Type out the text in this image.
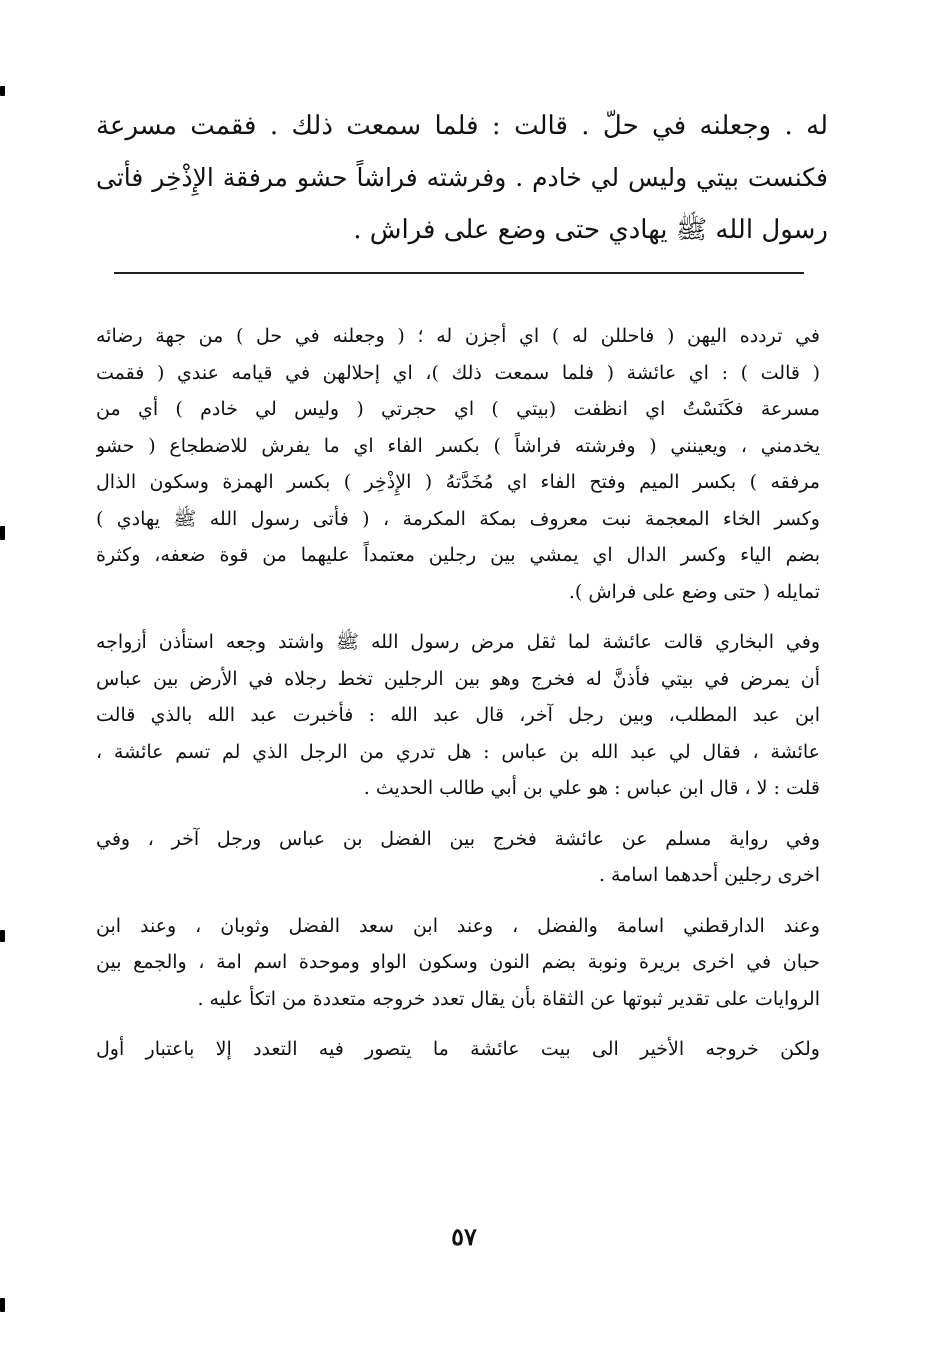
له . وجعلنه في حلّ . قالت : فلما سمعت ذلك . فقمت مسرعة
فكنست بيتي وليس لي خادم . وفرشته فراشاً حشو مرفقة الإِذْخِر فأتى
رسول الله ﷺ يهادي حتى وضع على فراش .
في تردده اليهن ( فاحللن له ) اي أجزن له ؛ ( وجعلنه في حل ) من جهة رضائه
( قالت ) : اي عائشة ( فلما سمعت ذلك )، اي إحلالهن في قيامه عندي ( فقمت
مسرعة فكَنَسْتُ اي انظفت (بيتي ) اي حجرتي ( وليس لي خادم ) أي من
يخدمني ، ويعينني ( وفرشته فراشاً ) بكسر الفاء اي ما يفرش للاضطجاع ( حشو
مرفقه ) بكسر الميم وفتح الفاء اي مُخَدَّتهُ ( الإِذْخِر ) بكسر الهمزة وسكون الذال
وكسر الخاء المعجمة نبت معروف بمكة المكرمة ، ( فأتى رسول الله ﷺ يهادي )
بضم الياء وكسر الدال اي يمشي بين رجلين معتمداً عليهما من قوة ضعفه، وكثرة
تمايله ( حتى وضع على فراش ).
وفي البخاري قالت عائشة لما ثقل مرض رسول الله ﷺ واشتد وجعه استأذن أزواجه
أن يمرض في بيتي فأذنَّ له فخرج وهو بين الرجلين تخط رجلاه في الأرض بين عباس
ابن عبد المطلب، وبين رجل آخر، قال عبد الله : فأخبرت عبد الله بالذي قالت
عائشة ، فقال لي عبد الله بن عباس : هل تدري من الرجل الذي لم تسم عائشة ،
قلت : لا ، قال ابن عباس : هو علي بن أبي طالب الحديث .
وفي رواية مسلم عن عائشة فخرج بين الفضل بن عباس ورجل آخر ، وفي
اخرى رجلين أحدهما اسامة .
وعند الدارقطني اسامة والفضل ، وعند ابن سعد الفضل وثوبان ، وعند ابن
حبان في اخرى بريرة ونوبة بضم النون وسكون الواو وموحدة اسم امة ، والجمع بين
الروايات على تقدير ثبوتها عن الثقاة بأن يقال تعدد خروجه متعددة من اتكأ عليه .
ولكن خروجه الأخير الى بيت عائشة ما يتصور فيه التعدد إلا باعتبار أول
٥٧
